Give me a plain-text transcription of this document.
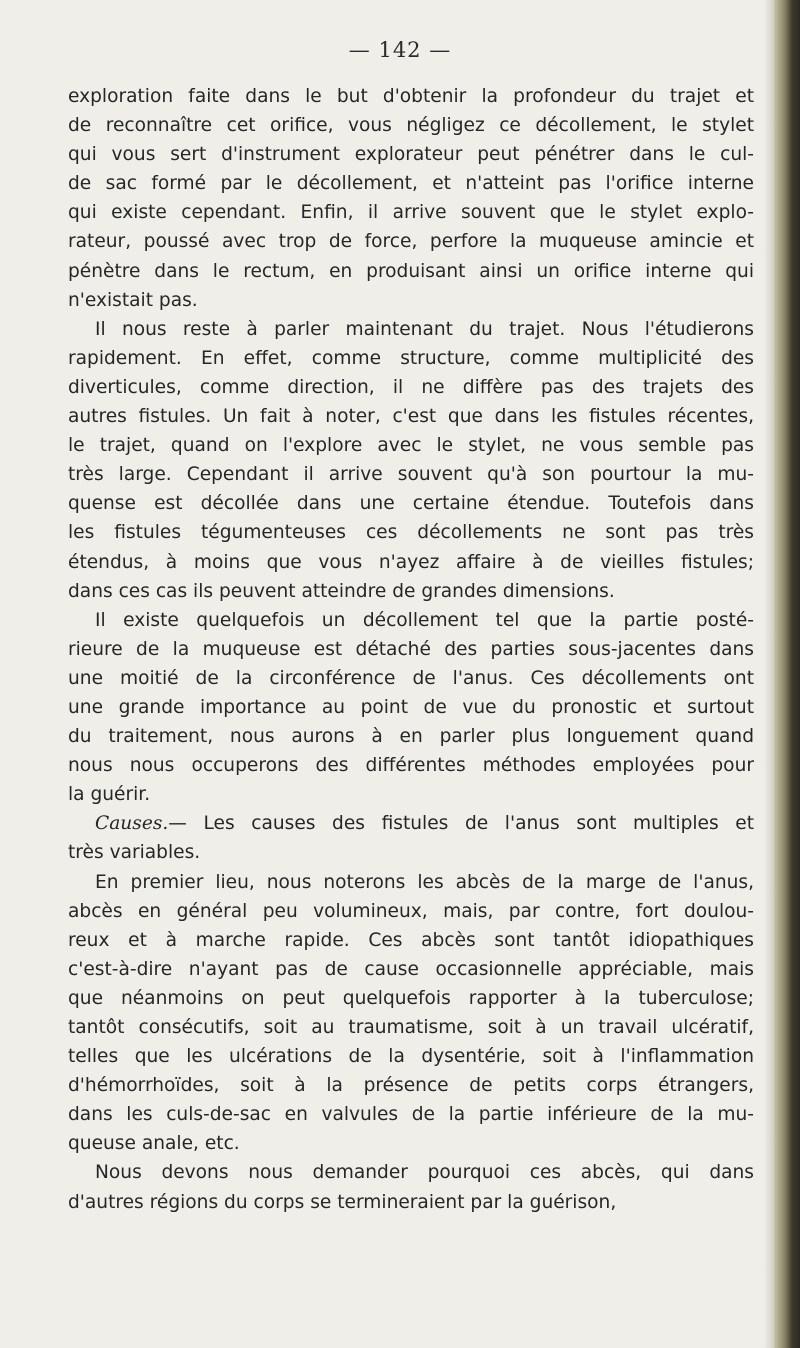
— 142 —
exploration faite dans le but d'obtenir la profondeur du trajet et
de reconnaître cet orifice, vous négligez ce décollement, le stylet
qui vous sert d'instrument explorateur peut pénétrer dans le cul-
de sac formé par le décollement, et n'atteint pas l'orifice interne
qui existe cependant. Enfin, il arrive souvent que le stylet explo-
rateur, poussé avec trop de force, perfore la muqueuse amincie et
pénètre dans le rectum, en produisant ainsi un orifice interne qui
n'existait pas.
Il nous reste à parler maintenant du trajet. Nous l'étudierons
rapidement. En effet, comme structure, comme multiplicité des
diverticules, comme direction, il ne diffère pas des trajets des
autres fistules. Un fait à noter, c'est que dans les fistules récentes,
le trajet, quand on l'explore avec le stylet, ne vous semble pas
très large. Cependant il arrive souvent qu'à son pourtour la mu-
quense est décollée dans une certaine étendue. Toutefois dans
les fistules tégumenteuses ces décollements ne sont pas très
étendus, à moins que vous n'ayez affaire à de vieilles fistules;
dans ces cas ils peuvent atteindre de grandes dimensions.
Il existe quelquefois un décollement tel que la partie posté-
rieure de la muqueuse est détaché des parties sous-jacentes dans
une moitié de la circonférence de l'anus. Ces décollements ont
une grande importance au point de vue du pronostic et surtout
du traitement, nous aurons à en parler plus longuement quand
nous nous occuperons des différentes méthodes employées pour
la guérir.
Causes.— Les causes des fistules de l'anus sont multiples et
très variables.
En premier lieu, nous noterons les abcès de la marge de l'anus,
abcès en général peu volumineux, mais, par contre, fort doulou-
reux et à marche rapide. Ces abcès sont tantôt idiopathiques
c'est-à-dire n'ayant pas de cause occasionnelle appréciable, mais
que néanmoins on peut quelquefois rapporter à la tuberculose;
tantôt consécutifs, soit au traumatisme, soit à un travail ulcératif,
telles que les ulcérations de la dysentérie, soit à l'inflammation
d'hémorrhoïdes, soit à la présence de petits corps étrangers,
dans les culs-de-sac en valvules de la partie inférieure de la mu-
queuse anale, etc.
Nous devons nous demander pourquoi ces abcès, qui dans
d'autres régions du corps se termineraient par la guérison,
